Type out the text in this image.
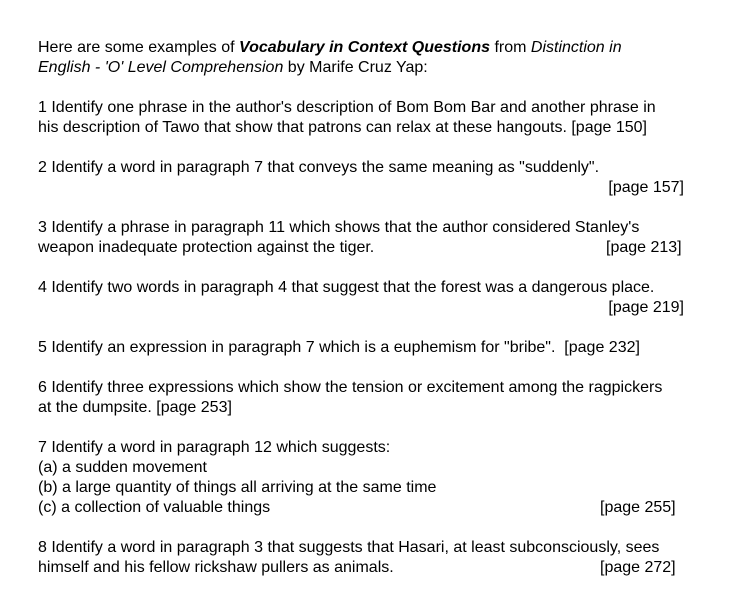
Here are some examples of Vocabulary in Context Questions from Distinction in
English - 'O' Level Comprehension by Marife Cruz Yap:
1 Identify one phrase in the author's description of Bom Bom Bar and another phrase in
his description of Tawo that show that patrons can relax at these hangouts. [page 150]
2 Identify a word in paragraph 7 that conveys the same meaning as "suddenly".
[page 157]
3 Identify a phrase in paragraph 11 which shows that the author considered Stanley's
weapon inadequate protection against the tiger.	[page 213]
4 Identify two words in paragraph 4 that suggest that the forest was a dangerous place.
[page 219]
5 Identify an expression in paragraph 7 which is a euphemism for "bribe".  [page 232]
6 Identify three expressions which show the tension or excitement among the ragpickers
at the dumpsite. [page 253]
7 Identify a word in paragraph 12 which suggests:
(a) a sudden movement
(b) a large quantity of things all arriving at the same time
(c) a collection of valuable things	[page 255]
8 Identify a word in paragraph 3 that suggests that Hasari, at least subconsciously, sees
himself and his fellow rickshaw pullers as animals.	[page 272]
